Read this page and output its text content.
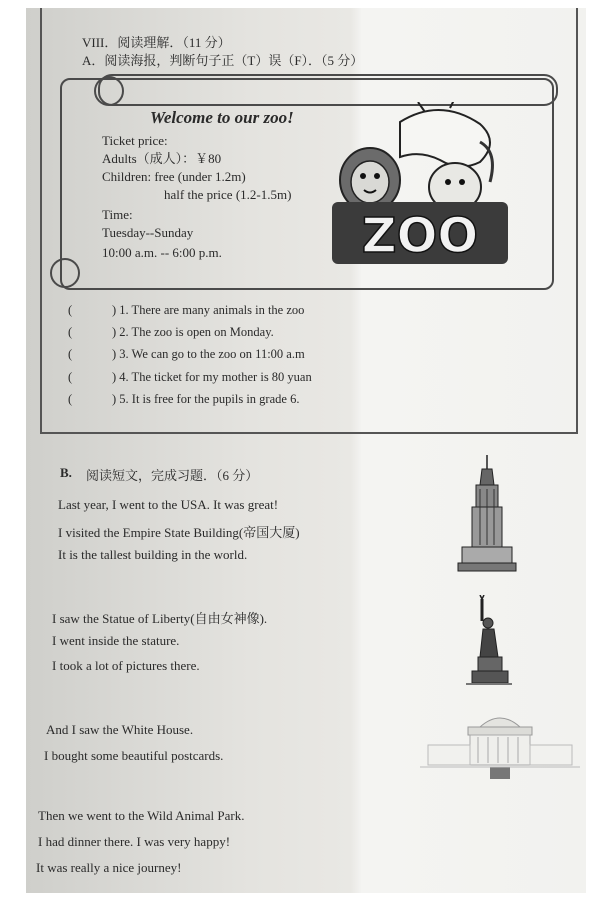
VIII．阅读理解．（11 分）
A．阅读海报，判断句子正（T）误（F）．（5 分）
Welcome to our zoo!
Ticket price:
Adults（成人）：￥80
Children: free (under 1.2m)
half the price (1.2-1.5m)
Time:
Tuesday--Sunday
10:00 a.m. -- 6:00 p.m.	ZOO
(	) 1. There are many animals in the zoo
(	) 2. The zoo is open on Monday.
(	) 3. We can go to the zoo on 11:00 a.m
(	) 4. The ticket for my mother is 80 yuan
(	) 5. It is free for the pupils in grade 6.
B. 阅读短文，完成习题．（6 分）
Last year, I went to the USA. It was great!
I visited the Empire State Building(帝国大厦)
It is the tallest building in the world.
I saw the Statue of Liberty(自由女神像).
I went inside the stature.
I took a lot of pictures there.
And I saw the White House.
I bought some beautiful postcards.
Then we went to the Wild Animal Park.
I had dinner there. I was very happy!
It was really a nice journey!
